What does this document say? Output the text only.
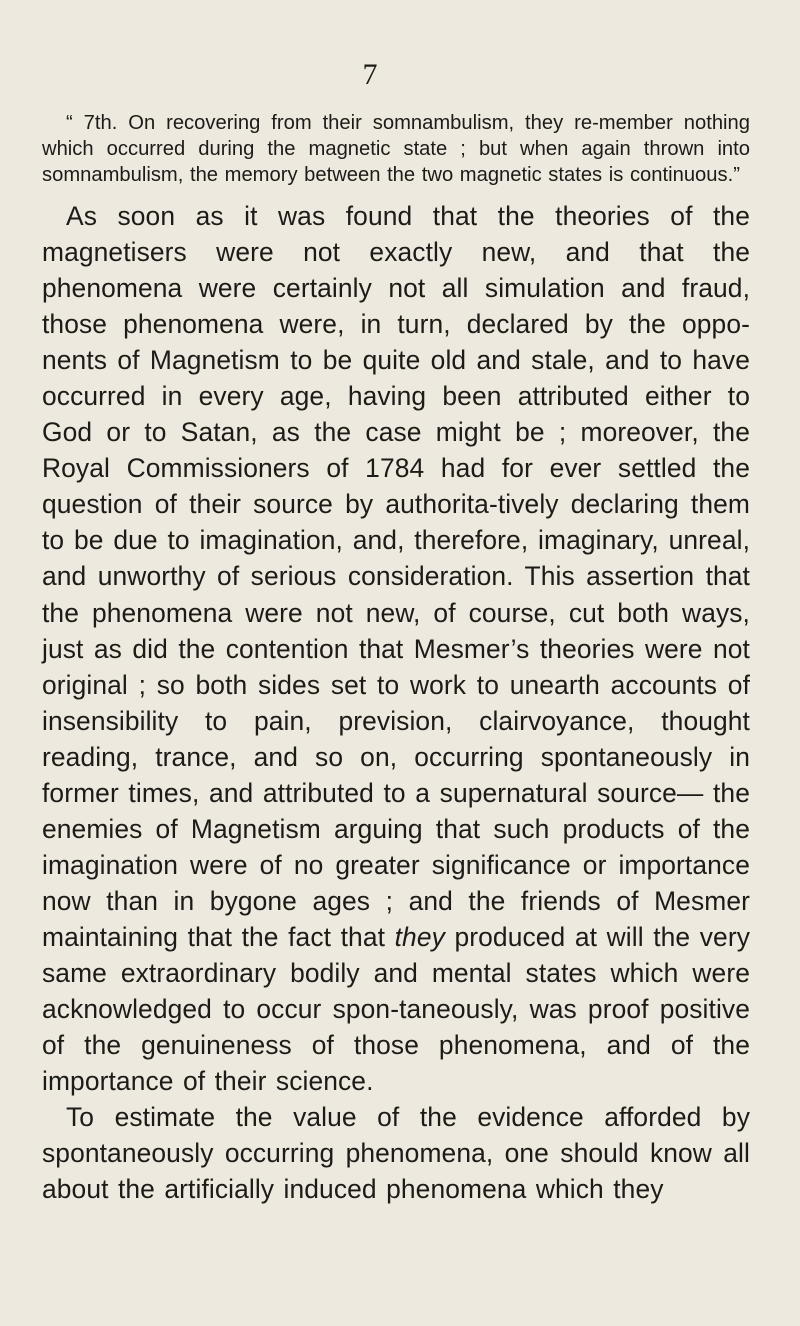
7

“ 7th. On recovering from their somnambulism, they re-member nothing which occurred during the magnetic state ; but when again thrown into somnambulism, the memory between the two magnetic states is continuous.”

As soon as it was found that the theories of the magnetisers were not exactly new, and that the phenomena were certainly not all simulation and fraud, those phenomena were, in turn, declared by the oppo-nents of Magnetism to be quite old and stale, and to have occurred in every age, having been attributed either to God or to Satan, as the case might be ; moreover, the Royal Commissioners of 1784 had for ever settled the question of their source by authorita-tively declaring them to be due to imagination, and, therefore, imaginary, unreal, and unworthy of serious consideration. This assertion that the phenomena were not new, of course, cut both ways, just as did the contention that Mesmer’s theories were not original ; so both sides set to work to unearth accounts of insensibility to pain, prevision, clairvoyance, thought reading, trance, and so on, occurring spontaneously in former times, and attributed to a supernatural source— the enemies of Magnetism arguing that such products of the imagination were of no greater significance or importance now than in bygone ages ; and the friends of Mesmer maintaining that the fact that they produced at will the very same extraordinary bodily and mental states which were acknowledged to occur spon-taneously, was proof positive of the genuineness of those phenomena, and of the importance of their science.

To estimate the value of the evidence afforded by spontaneously occurring phenomena, one should know all about the artificially induced phenomena which they
